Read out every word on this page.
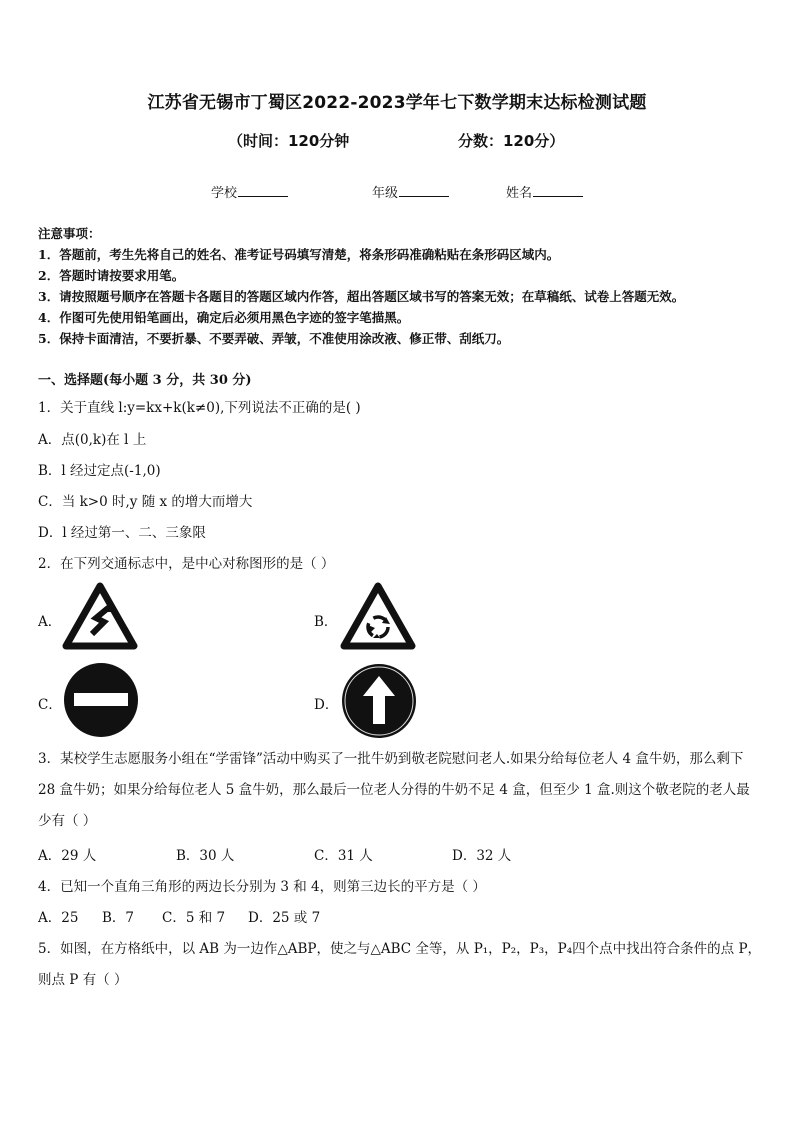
江苏省无锡市丁蜀区2022-2023学年七下数学期末达标检测试题
（时间：120分钟	分数：120分）
学校	年级	姓名
注意事项：
1．答题前，考生先将自己的姓名、准考证号码填写清楚，将条形码准确粘贴在条形码区域内。
2．答题时请按要求用笔。
3．请按照题号顺序在答题卡各题目的答题区域内作答，超出答题区域书写的答案无效；在草稿纸、试卷上答题无效。
4．作图可先使用铅笔画出，确定后必须用黑色字迹的签字笔描黑。
5．保持卡面清洁，不要折暴、不要弄破、弄皱，不准使用涂改液、修正带、刮纸刀。
一、选择题(每小题 3 分，共 30 分)
1．关于直线 l:y=kx+k(k≠0),下列说法不正确的是( )
A．点(0,k)在 l 上
B．l 经过定点(-1,0)
C．当 k>0 时,y 随 x 的增大而增大
D．l 经过第一、二、三象限
2．在下列交通标志中，是中心对称图形的是（ ）
A．	B．
C．	D．
3．某校学生志愿服务小组在“学雷锋”活动中购买了一批牛奶到敬老院慰问老人.如果分给每位老人 4 盒牛奶，那么剩下 28 盒牛奶；如果分给每位老人 5 盒牛奶，那么最后一位老人分得的牛奶不足 4 盒，但至少 1 盒.则这个敬老院的老人最少有（ ）
A．29 人	B．30 人	C．31 人	D．32 人
4．已知一个直角三角形的两边长分别为 3 和 4，则第三边长的平方是（ ）
A．25 B．7 C．5 和 7 D．25 或 7
5．如图，在方格纸中，以 AB 为一边作△ABP，使之与△ABC 全等，从 P₁，P₂，P₃，P₄四个点中找出符合条件的点 P，
则点 P 有（ ）
